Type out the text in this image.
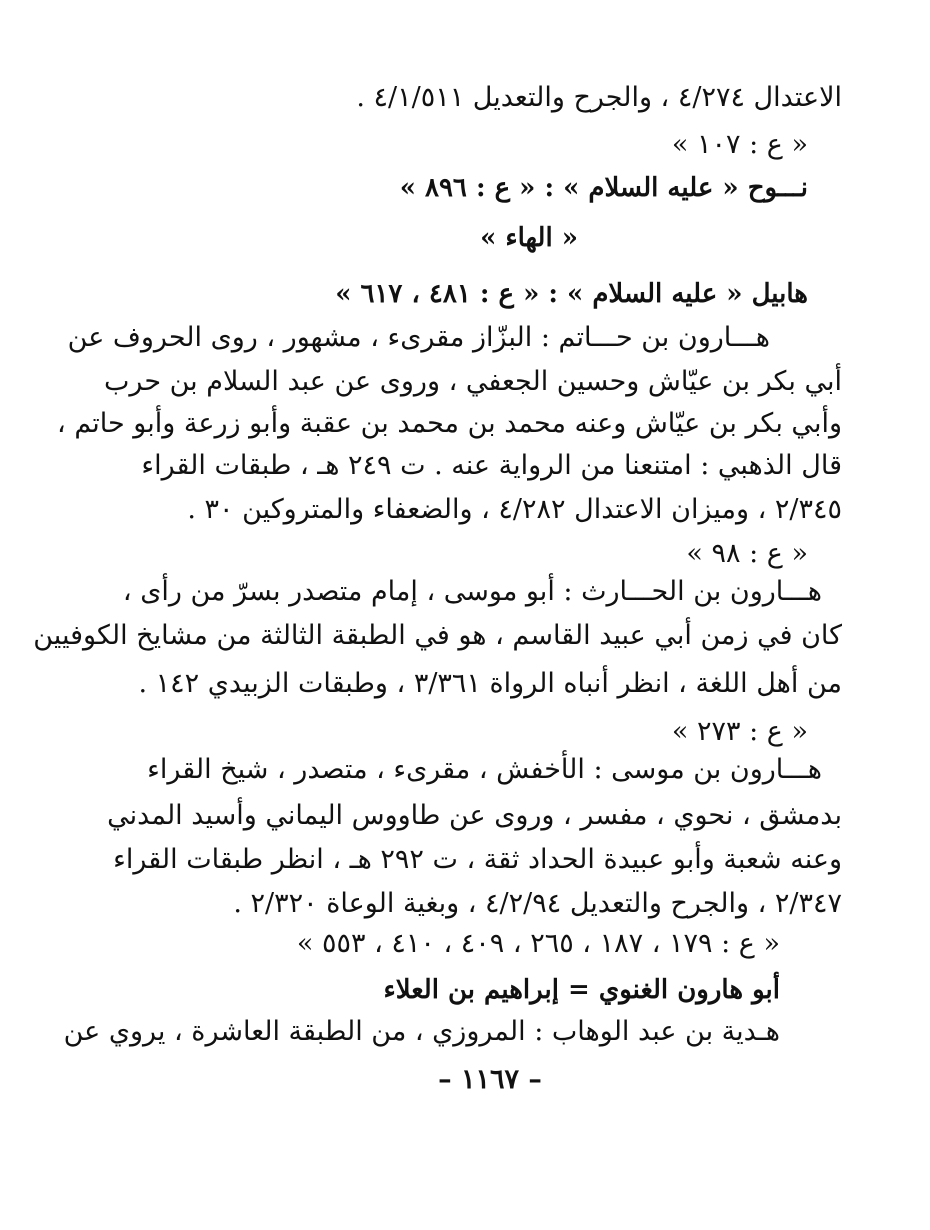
الاعتدال ٤/٢٧٤ ، والجرح والتعديل ٤/١/٥١١ .
« ع : ١٠٧ »
نـــوح « عليه السلام » : « ع : ٨٩٦ »
« الهاء »
هابيل « عليه السلام » : « ع : ٤٨١ ، ٦١٧ »
هـــارون بن حـــاتم : البزّاز مقرىء ، مشهور ، روى الحروف عن
أبي بكر بن عيّاش وحسين الجعفي ، وروى عن عبد السلام بن حرب
وأبي بكر بن عيّاش وعنه محمد بن محمد بن عقبة وأبو زرعة وأبو حاتم ،
قال الذهبي : امتنعنا من الرواية عنه . ت ٢٤٩ هـ ، طبقات القراء
٢/٣٤٥ ، وميزان الاعتدال ٤/٢٨٢ ، والضعفاء والمتروكين ٣٠ .
« ع : ٩٨ »
هـــارون بن الحـــارث : أبو موسى ، إمام متصدر بسرّ من رأى ،
كان في زمن أبي عبيد القاسم ، هو في الطبقة الثالثة من مشايخ الكوفيين
من أهل اللغة ، انظر أنباه الرواة ٣/٣٦١ ، وطبقات الزبيدي ١٤٢ .
« ع : ٢٧٣ »
هـــارون بن موسى : الأخفش ، مقرىء ، متصدر ، شيخ القراء
بدمشق ، نحوي ، مفسر ، وروى عن طاووس اليماني وأسيد المدني
وعنه شعبة وأبو عبيدة الحداد ثقة ، ت ٢٩٢ هـ ، انظر طبقات القراء
٢/٣٤٧ ، والجرح والتعديل ٤/٢/٩٤ ، وبغية الوعاة ٢/٣٢٠ .
« ع : ١٧٩ ، ١٨٧ ، ٢٦٥ ، ٤٠٩ ، ٤١٠ ، ٥٥٣ »
أبو هارون الغنوي = إبراهيم بن العلاء
هـدية بن عبد الوهاب : المروزي ، من الطبقة العاشرة ، يروي عن
– ١١٦٧ –
